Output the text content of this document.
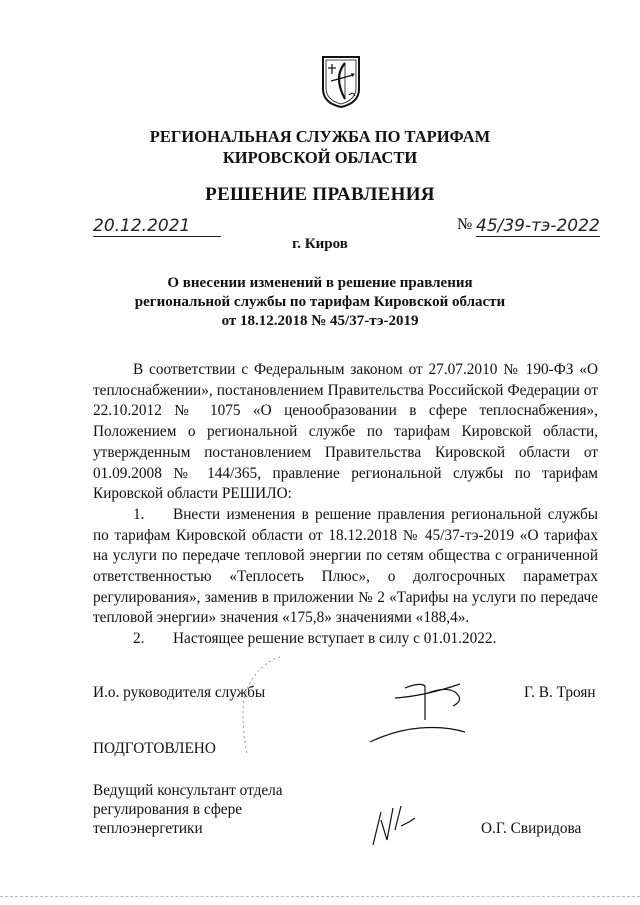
РЕГИОНАЛЬНАЯ СЛУЖБА ПО ТАРИФАМ
КИРОВСКОЙ ОБЛАСТИ
РЕШЕНИЕ ПРАВЛЕНИЯ
20.12.2021	№ 45/39-тэ-2022
г. Киров
О внесении изменений в решение правления
региональной службы по тарифам Кировской области
от 18.12.2018 № 45/37-тэ-2019

В соответствии с Федеральным законом от 27.07.2010 № 190-ФЗ «О теплоснабжении», постановлением Правительства Российской Федерации от 22.10.2012 № 1075 «О ценообразовании в сфере теплоснабжения», Положением о региональной службе по тарифам Кировской области, утвержденным постановлением Правительства Кировской области от 01.09.2008 № 144/365, правление региональной службы по тарифам Кировской области РЕШИЛО:

1. Внести изменения в решение правления региональной службы по тарифам Кировской области от 18.12.2018 № 45/37-тэ-2019 «О тарифах на услуги по передаче тепловой энергии по сетям общества с ограниченной ответственностью «Теплосеть Плюс», о долгосрочных параметрах регулирования», заменив в приложении № 2 «Тарифы на услуги по передаче тепловой энергии» значения «175,8» значениями «188,4».

2. Настоящее решение вступает в силу с 01.01.2022.

И.о. руководителя службы	Г. В. Троян
ПОДГОТОВЛЕНО
Ведущий консультант отдела
регулирования в сфере
теплоэнергетики	О.Г. Свиридова
